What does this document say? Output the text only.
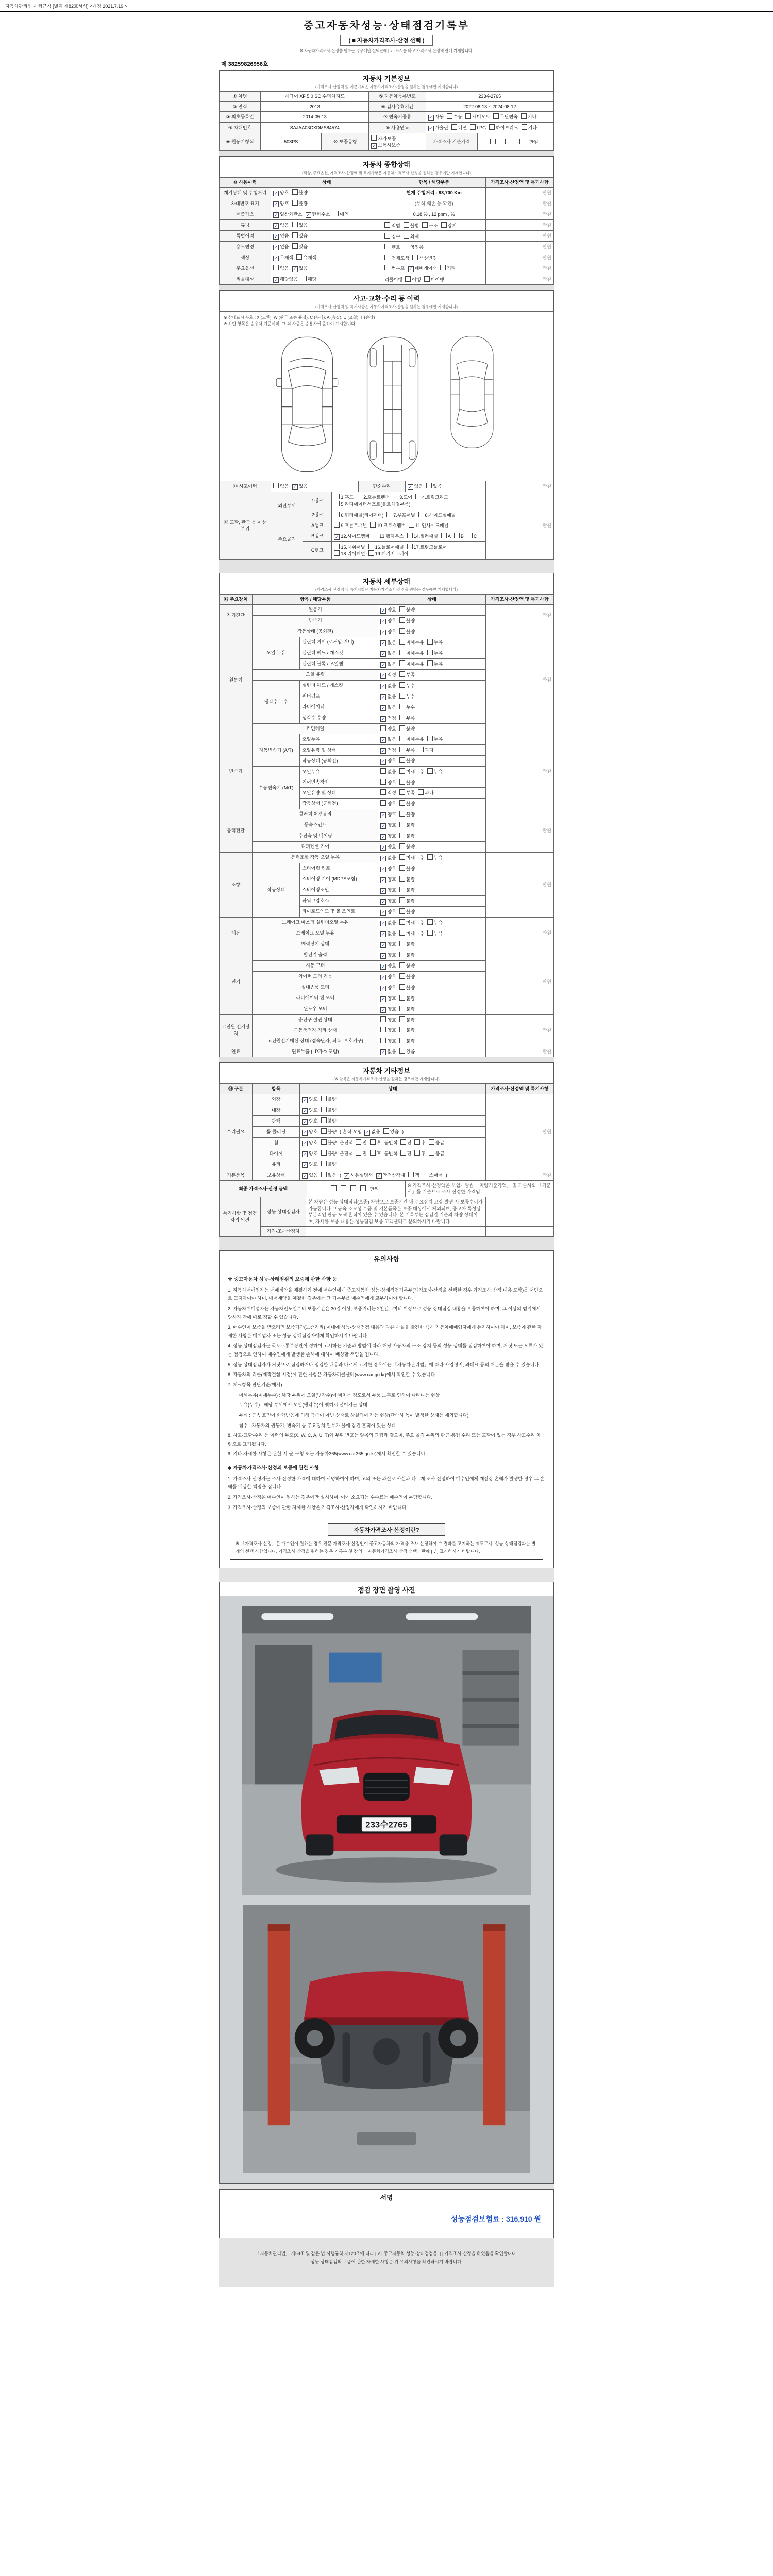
자동차관리법 시행규칙 [별지 제82호서식] <개정 2021.7.19.>
중고자동차성능·상태점검기록부
( ■ 자동차가격조사·산정 선택 )
※ 자동차가격조사·산정을 원하는 경우에만 선택란에 [ √ ] 표시를 하고 가격조사·산정액 란에 기재합니다.
제 38259826956호
자동차 기본정보
(가격조사·산정액 및 기준가격은 자동차가격조사·산정을 원하는 경우에만 기재합니다)
① 차명	재규어 XF 5.0 SC 수퍼차지드		⑤ 자동차등록번호	233수2765	
② 연식	2013		⑥ 검사유효기간	2022-08-13 ~ 2024-08-12	
③ 최초등록일	2014-05-13		⑦ 변속기종류	✓ 자동 수동 세미오토 무단변속 기타	
④ 차대번호	SAJAA03CXDMS84574		⑧ 사용연료	✓ 가솔린 디젤 LPG 하이브리드 기타	
⑨ 원동기형식	508PS	⑩ 보증유형	자가보증✓ 보험사보증	가격조사 기준가격	만원
자동차 종합상태
(색상, 주요옵션, 가격조사·산정액 및 특기사항은 자동차가격조사·산정을 원하는 경우에만 기재합니다)
⑩ 사용이력	상태	항목 / 해당부품	가격조사·산정액 및 특기사항
계기상태 및 주행거리	✓ 양호 불량	현재 주행거리 : 93,700 Km	만원
차대번호 표기	✓ 양호 불량	(부식·훼손 등 확인)	만원
배출가스	✓ 일산화탄소 ✓ 탄화수소 매연	0.18 % , 12 ppm , %	만원
튜닝	✓ 없음 있음	적법 불법 구조 장치	만원
특별이력	✓ 없음 있음	침수 화재	만원
용도변경	✓ 없음 있음	렌트 영업용	만원
색상	✓ 무채색 유채색	전체도색 색상변경	만원
주요옵션	없음 ✓ 있음	썬루프 ✓ 네비게이션 기타	만원
리콜대상	✓ 해당없음 해당	리콜이행 이행 미이행	만원
사고·교환·수리 등 이력
(가격조사·산정액 및 특기사항은 자동차가격조사·산정을 원하는 경우에만 기재합니다)
※ 상태표시 부호 : X (교환), W (판금 또는 용접), C (부식), A (흠집), U (요철), T (손상)
※ 하단 항목은 승용차 기준이며, 그 외 차종은 승용차에 준하여 표시합니다.
⑪ 사고이력	없음 ✓ 있음	단순수리	✓ 없음 있음	만원
⑫ 교환, 판금 등 이상 부위	외판부위	1랭크	1.후드 2.프론트펜더 3.도어 4.트렁크리드5.라디에이터서포트(볼트체결부품)	만원
		2랭크	6.쿼터패널(리어펜더) 7.루프패널 8.사이드실패널	
	주요골격	A랭크	9.프론트패널 10.크로스멤버 11.인사이드패널	
		B랭크	✓ 12.사이드멤버 13.휠하우스 14.필러패널 A B C	
		C랭크	15.대쉬패널 16.플로어패널 17.트렁크플로어18.리어패널 19.패키지트레이	
자동차 세부상태
(가격조사·산정액 및 특기사항은 자동차가격조사·산정을 원하는 경우에만 기재합니다)
⑬ 주요장치	항목 / 해당부품		상태	가격조사·산정액 및 특기사항
자기진단	원동기		✓ 양호 불량	만원
	변속기		✓ 양호 불량	
원동기	작동상태 (공회전)		✓ 양호 불량	만원
	오일 누유	실린더 커버 (로커암 커버)	✓ 없음 미세누유 누유	
		실린더 헤드 / 개스킷	✓ 없음 미세누유 누유	
		실린더 블록 / 오일팬	✓ 없음 미세누유 누유	
	오일 유량		✓ 적정 부족	
	냉각수 누수	실린더 헤드 / 개스킷	✓ 없음 누수	
		워터펌프	✓ 없음 누수	
		라디에이터	✓ 없음 누수	
		냉각수 수량	✓ 적정 부족	
	커먼레일		양호 불량	
변속기	자동변속기 (A/T)	오일누유	✓ 없음 미세누유 누유	만원
		오일유량 및 상태	✓ 적정 부족 과다	
		작동상태 (공회전)	✓ 양호 불량	
	수동변속기 (M/T)	오일누유	없음 미세누유 누유	
		기어변속장치	양호 불량	
		오일유량 및 상태	적정 부족 과다	
		작동상태 (공회전)	양호 불량	
동력전달	클러치 어셈블리		✓ 양호 불량	만원
	등속조인트		✓ 양호 불량	
	추진축 및 베어링		✓ 양호 불량	
	디퍼렌셜 기어		✓ 양호 불량	
조향	동력조향 작동 오일 누유		✓ 없음 미세누유 누유	만원
	작동상태	스티어링 펌프	✓ 양호 불량	
		스티어링 기어 (MDPS포함)	✓ 양호 불량	
		스티어링조인트	✓ 양호 불량	
		파워고압호스	✓ 양호 불량	
		타이로드엔드 및 볼 조인트	✓ 양호 불량	
제동	브레이크 마스터 실린더오일 누유		✓ 없음 미세누유 누유	만원
	브레이크 오일 누유		✓ 없음 미세누유 누유	
	배력장치 상태		✓ 양호 불량	
전기	발전기 출력		✓ 양호 불량	만원
	시동 모터		✓ 양호 불량	
	와이퍼 모터 기능		✓ 양호 불량	
	실내송풍 모터		✓ 양호 불량	
	라디에이터 팬 모터		✓ 양호 불량	
	윈도우 모터		✓ 양호 불량	
고전원 전기장치	충전구 절연 상태		양호 불량	만원
	구동축전지 격리 상태		양호 불량	
	고전원전기배선 상태 (접속단자, 피복, 보호기구)		양호 불량	
연료	연료누출 (LP가스 포함)		✓ 없음 있음	만원
자동차 기타정보
(※ 항목은 자동차가격조사·산정을 원하는 경우에만 기재합니다)
⑭ 구분	항목	상태	가격조사·산정액 및 특기사항
수리필요	외장	✓ 양호 불량	만원
	내장	✓ 양호 불량	
	광택	✓ 양호 불량	
	룸 클리닝	✓ 양호 불량 ( 흔적·오염 ✓ 없음 있음 )	
	휠	✓ 양호 불량 운전석 전 후 동반석 전 후 응급	
	타이어	✓ 양호 불량 운전석 전 후 동반석 전 후 응급	
	유리	✓ 양호 불량	
기본품목	보유상태	✓ 있음 없음 ( ✓ 사용설명서 ✓ 안전삼각대 잭 스패너 )	만원
최종 가격조사·산정 금액	만원	※ 가격조사·산정액은 보험개발원 「차량기준가액」 및 기술사회 「기준서」를 기준으로 조사·산정한 가격임
특기사항 및 점검자의 의견	성능·상태점검자	본 차량은 성능·상태점검(보증) 차량으로 보증기간 내 주요장치 고장 발생 시 보증수리가 가능합니다. 비금속·소모성 부품 및 기본품목은 보증 대상에서 제외되며, 중고차 특성상 부분적인 판금·도색 흔적이 있을 수 있습니다. 본 기록부는 점검일 기준의 차량 상태이며, 자세한 보증 내용은 성능점검 보증 고객센터로 문의하시기 바랍니다.	
	가격·조사산정자		
유의사항
※ 중고자동차 성능·상태점검의 보증에 관한 사항 등
1. 자동차매매업자는 매매계약을 체결하기 전에 매수인에게 중고자동차 성능·상태점검기록부(가격조사·산정을 선택한 경우 가격조사·산정 내용 포함)를 서면으로 고지하여야 하며, 매매계약을 체결한 경우에는 그 기록부를 매수인에게 교부하여야 합니다.
2. 자동차매매업자는 자동차인도일부터 보증기간은 30일 이상, 보증거리는 2천킬로미터 이상으로 성능·상태점검 내용을 보증하여야 하며, 그 이상의 범위에서 당사자 간에 따로 정할 수 있습니다.
3. 매수인이 보증을 받으려면 보증기간(보증거리) 이내에 성능·상태점검 내용과 다른 사실을 발견한 즉시 자동차매매업자에게 통지하여야 하며, 보증에 관한 자세한 사항은 매매업자 또는 성능·상태점검자에게 확인하시기 바랍니다.
4. 성능·상태점검자는 국토교통부장관이 정하여 고시하는 기준과 방법에 따라 해당 자동차의 구조·장치 등의 성능·상태를 점검하여야 하며, 거짓 또는 오류가 있는 점검으로 인하여 매수인에게 발생한 손해에 대하여 배상할 책임을 집니다.
5. 성능·상태점검자가 거짓으로 점검하거나 점검한 내용과 다르게 고지한 경우에는 「자동차관리법」에 따라 사업정지, 과태료 등의 처분을 받을 수 있습니다.
6. 자동차의 리콜(제작결함 시정)에 관한 사항은 자동차리콜센터(www.car.go.kr)에서 확인할 수 있습니다.
7. 체크항목 판단기준(예시)
· 미세누유(미세누수) : 해당 부위에 오일(냉각수)이 비치는 정도로서 부품 노후로 인하여 나타나는 현상
· 누유(누수) : 해당 부위에서 오일(냉각수)이 맺혀서 떨어지는 상태
· 부식 : 금속 표면이 화학반응에 의해 금속이 아닌 상태로 상실되어 가는 현상(단순히 녹이 발생한 상태는 제외합니다)
· 침수 : 자동차의 원동기, 변속기 등 주요장치 일부가 물에 잠긴 흔적이 있는 상태
8. 사고·교환·수리 등 이력의 부호(X, W, C, A, U, T)와 부위 번호는 앞쪽의 그림과 같으며, 주요 골격 부위의 판금·용접 수리 또는 교환이 있는 경우 사고수리 차량으로 표기됩니다.
9. 기타 자세한 사항은 관할 시·군·구청 또는 자동차365(www.car365.go.kr)에서 확인할 수 있습니다.
◆ 자동차가격조사·산정의 보증에 관한 사항
1. 가격조사·산정자는 조사·산정한 가격에 대하여 서명하여야 하며, 고의 또는 과실로 사실과 다르게 조사·산정하여 매수인에게 재산상 손해가 발생한 경우 그 손해를 배상할 책임을 집니다.
2. 가격조사·산정은 매수인이 원하는 경우에만 실시하며, 이에 소요되는 수수료는 매수인이 부담합니다.
3. 가격조사·산정의 보증에 관한 자세한 사항은 가격조사·산정자에게 확인하시기 바랍니다.
자동차가격조사·산정이란?
※ 「가격조사·산정」은 매수인이 원하는 경우 전문 가격조사·산정인이 중고자동차의 가격을 조사·산정하여 그 결과를 고지하는 제도로서, 성능·상태점검과는 별개의 선택 사항입니다. 가격조사·산정을 원하는 경우 기록부 첫 장의 「자동차가격조사·산정 선택」란에 [ √ ] 표시하시기 바랍니다.
점검 장면 촬영 사진
233수2765
서명
성능점검보험료 : 316,910 원
「자동차관리법」 제58조 및 같은 법 시행규칙 제120조에 따라 [ √ ] 중고자동차 성능·상태점검을, [ ] 가격조사·산정을 하였음을 확인합니다.
성능·상태점검의 보증에 관한 자세한 사항은 위 유의사항을 확인하시기 바랍니다.
